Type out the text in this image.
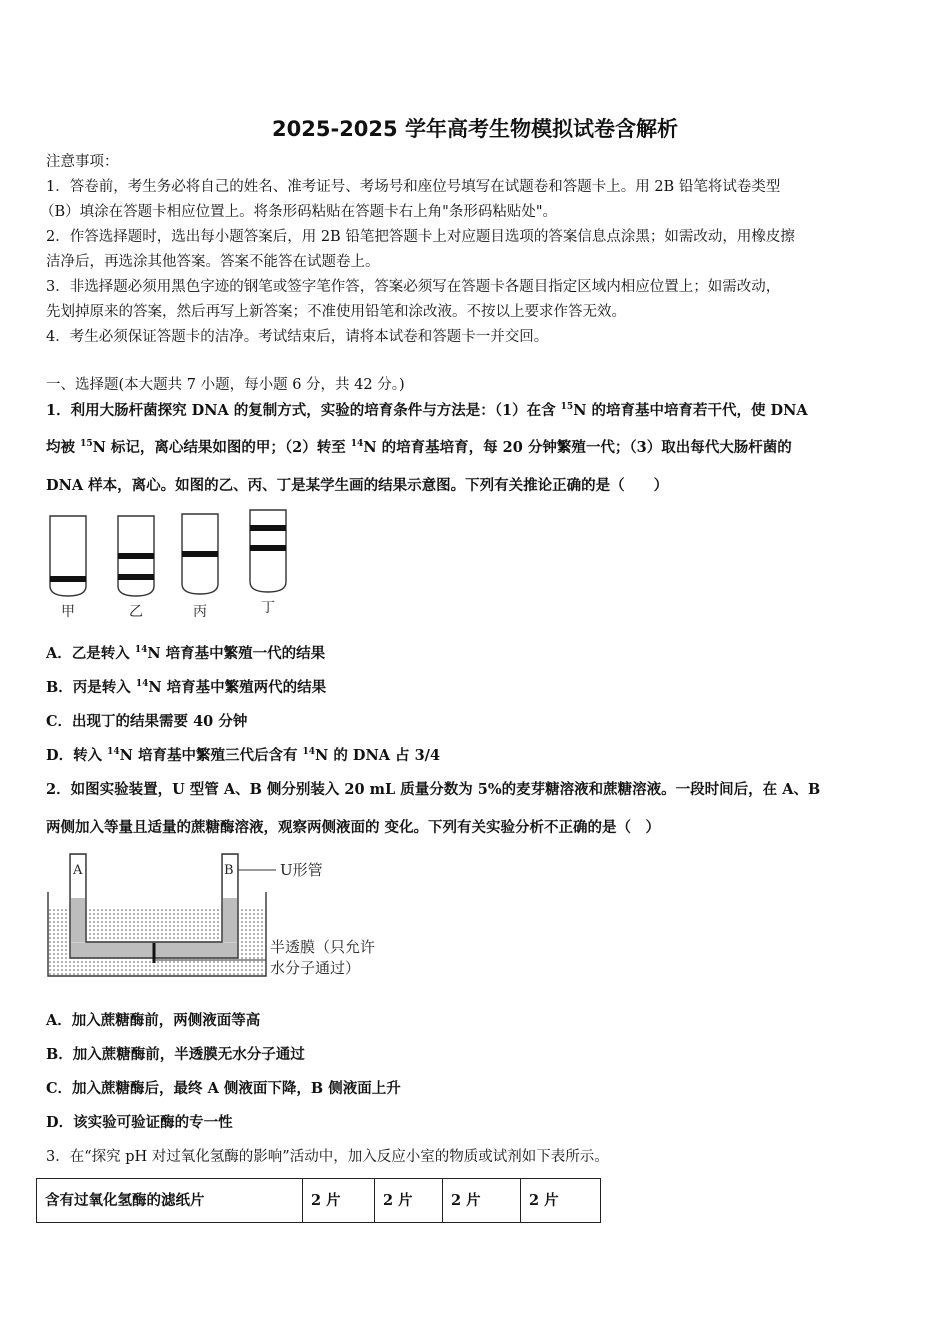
2025-2025 学年高考生物模拟试卷含解析
注意事项：
1．答卷前，考生务必将自己的姓名、准考证号、考场号和座位号填写在试题卷和答题卡上。用 2B 铅笔将试卷类型
（B）填涂在答题卡相应位置上。将条形码粘贴在答题卡右上角"条形码粘贴处"。
2．作答选择题时，选出每小题答案后，用 2B 铅笔把答题卡上对应题目选项的答案信息点涂黑；如需改动，用橡皮擦
洁净后，再选涂其他答案。答案不能答在试题卷上。
3．非选择题必须用黑色字迹的钢笔或签字笔作答，答案必须写在答题卡各题目指定区域内相应位置上；如需改动，
先划掉原来的答案，然后再写上新答案；不准使用铅笔和涂改液。不按以上要求作答无效。
4．考生必须保证答题卡的洁净。考试结束后，请将本试卷和答题卡一并交回。
一、选择题(本大题共 7 小题，每小题 6 分，共 42 分。)
1．利用大肠杆菌探究 DNA 的复制方式，实验的培育条件与方法是：（1）在含 $^{15}$N 的培育基中培育若干代，使 DNA
均被 $^{15}$N 标记，离心结果如图的甲；（2）转至 $^{14}$N 的培育基培育，每 20 分钟繁殖一代；（3）取出每代大肠杆菌的
DNA 样本，离心。如图的乙、丙、丁是某学生画的结果示意图。下列有关推论正确的是（　　）
甲	乙	丙	丁
A．乙是转入 $^{14}$N 培育基中繁殖一代的结果
B．丙是转入 $^{14}$N 培育基中繁殖两代的结果
C．出现丁的结果需要 40 分钟
D．转入 $^{14}$N 培育基中繁殖三代后含有 $^{14}$N 的 DNA 占 3/4
2．如图实验装置，U 型管 A、B 侧分别装入 20 mL 质量分数为 5%的麦芽糖溶液和蔗糖溶液。一段时间后，在 A、B
两侧加入等量且适量的蔗糖酶溶液，观察两侧液面的 变化。下列有关实验分析不正确的是（　）
A	B	U形管
半透膜（只允许
水分子通过）
A．加入蔗糖酶前，两侧液面等高
B．加入蔗糖酶前，半透膜无水分子通过
C．加入蔗糖酶后，最终 A 侧液面下降，B 侧液面上升
D．该实验可验证酶的专一性
3．在“探究 pH 对过氧化氢酶的影响”活动中，加入反应小室的物质或试剂如下表所示。
含有过氧化氢酶的滤纸片	2 片	2 片	2 片	2 片
